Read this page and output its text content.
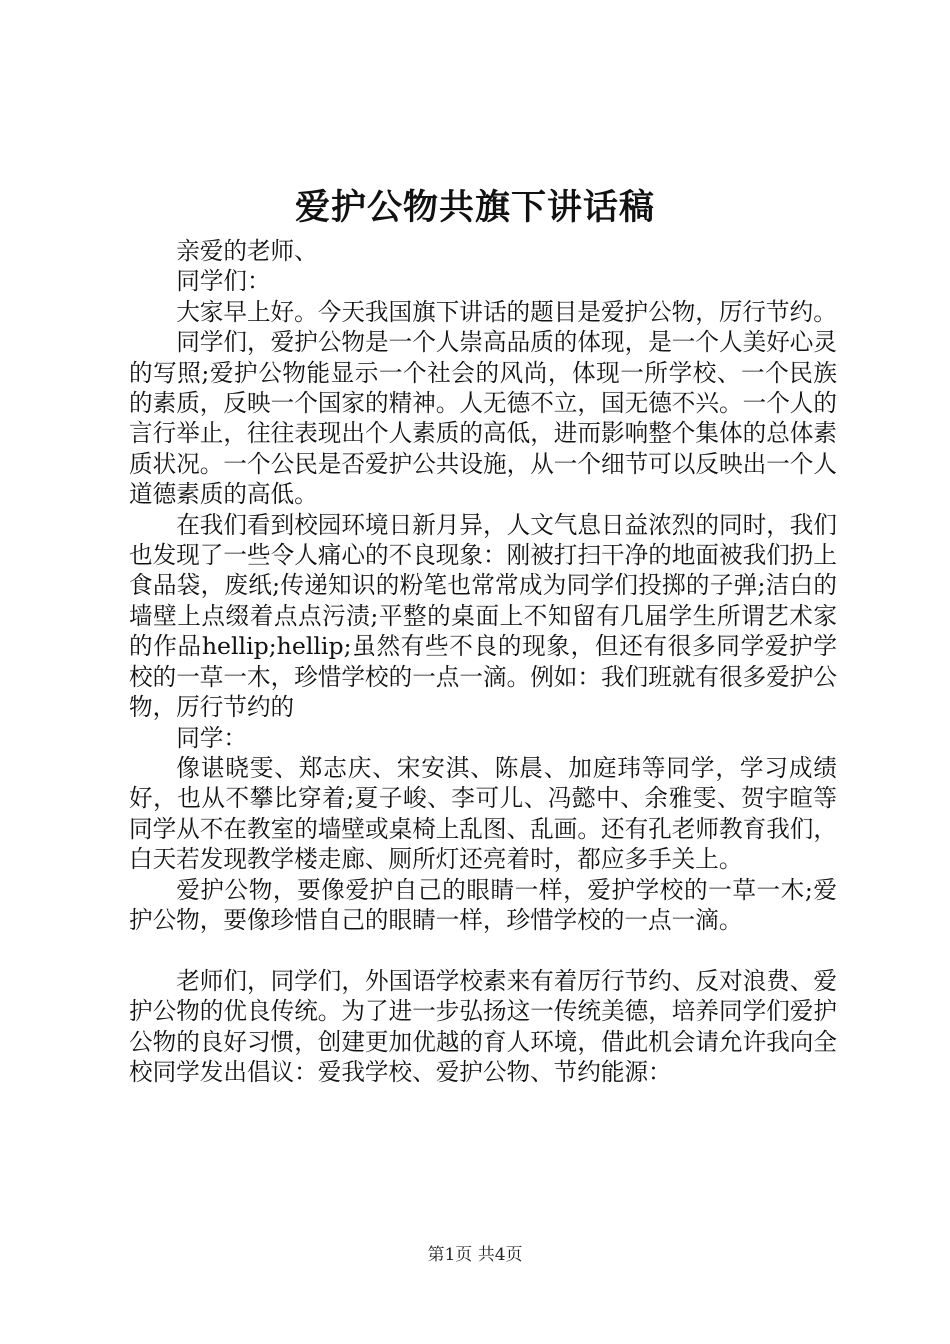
爱护公物共旗下讲话稿

亲爱的老师、

同学们：

大家早上好。今天我国旗下讲话的题目是爱护公物，厉行节约。

同学们，爱护公物是一个人崇高品质的体现，是一个人美好心灵的写照;爱护公物能显示一个社会的风尚，体现一所学校、一个民族的素质，反映一个国家的精神。人无德不立，国无德不兴。一个人的言行举止，往往表现出个人素质的高低，进而影响整个集体的总体素质状况。一个公民是否爱护公共设施，从一个细节可以反映出一个人道德素质的高低。

在我们看到校园环境日新月异，人文气息日益浓烈的同时，我们也发现了一些令人痛心的不良现象：刚被打扫干净的地面被我们扔上食品袋，废纸;传递知识的粉笔也常常成为同学们投掷的子弹;洁白的墙壁上点缀着点点污渍;平整的桌面上不知留有几届学生所谓艺术家的作品hellip;hellip;虽然有些不良的现象，但还有很多同学爱护学校的一草一木，珍惜学校的一点一滴。例如：我们班就有很多爱护公物，厉行节约的

同学：

像谌晓雯、郑志庆、宋安淇、陈晨、加庭玮等同学，学习成绩好，也从不攀比穿着;夏子峻、李可儿、冯懿中、余雅雯、贺宇暄等同学从不在教室的墙壁或桌椅上乱图、乱画。还有孔老师教育我们，白天若发现教学楼走廊、厕所灯还亮着时，都应多手关上。

爱护公物，要像爱护自己的眼睛一样，爱护学校的一草一木;爱护公物，要像珍惜自己的眼睛一样，珍惜学校的一点一滴。

老师们，同学们，外国语学校素来有着厉行节约、反对浪费、爱护公物的优良传统。为了进一步弘扬这一传统美德，培养同学们爱护公物的良好习惯，创建更加优越的育人环境，借此机会请允许我向全校同学发出倡议：爱我学校、爱护公物、节约能源：

第1页 共4页
